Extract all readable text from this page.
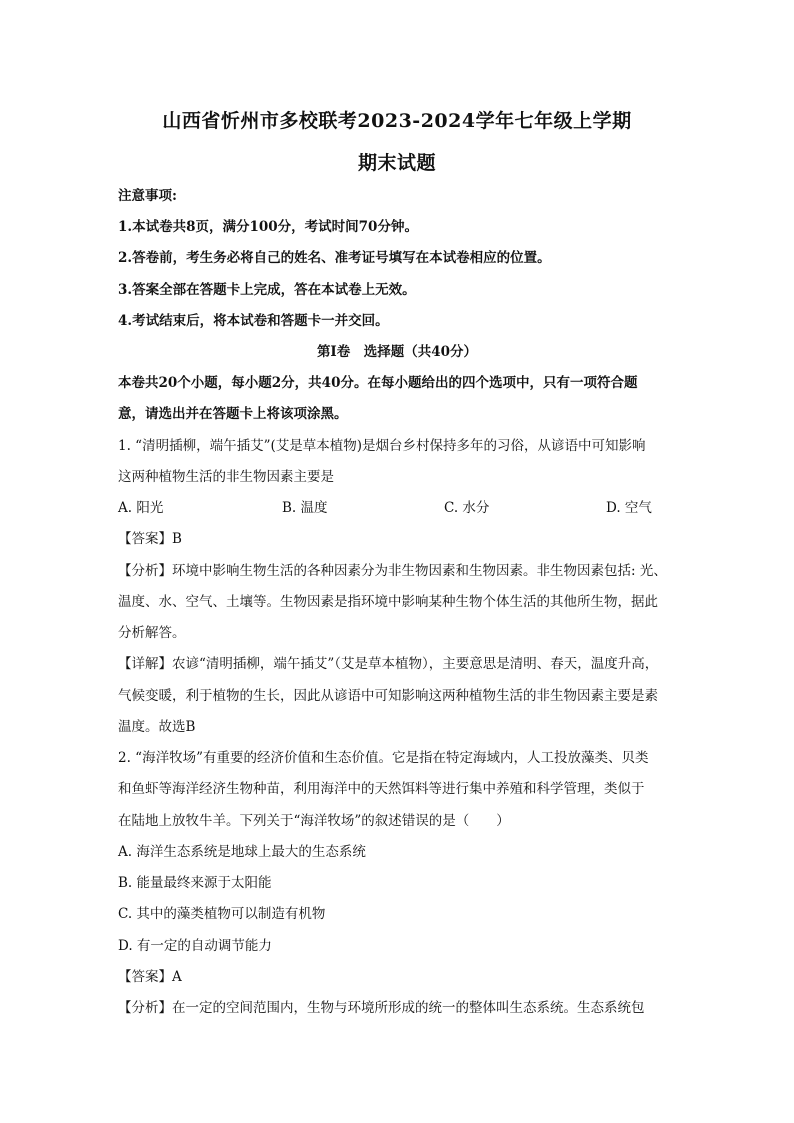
山西省忻州市多校联考2023-2024学年七年级上学期
期末试题
注意事项:
1.本试卷共8页，满分100分，考试时间70分钟。
2.答卷前，考生务必将自己的姓名、准考证号填写在本试卷相应的位置。
3.答案全部在答题卡上完成，答在本试卷上无效。
4.考试结束后，将本试卷和答题卡一并交回。
第Ⅰ卷　选择题（共40分）
本卷共20个小题，每小题2分，共40分。在每小题给出的四个选项中，只有一项符合题
意，请选出并在答题卡上将该项涂黑。
1. “清明插柳，端午插艾”(艾是草本植物)是烟台乡村保持多年的习俗，从谚语中可知影响
这两种植物生活的非生物因素主要是
A. 阳光	B. 温度	C. 水分	D. 空气
【答案】B
【分析】环境中影响生物生活的各种因素分为非生物因素和生物因素。非生物因素包括: 光、
温度、水、空气、土壤等。生物因素是指环境中影响某种生物个体生活的其他所生物，据此
分析解答。
【详解】农谚“清明插柳，端午插艾”（艾是草本植物），主要意思是清明、春天，温度升高，
气候变暖，利于植物的生长，因此从谚语中可知影响这两种植物生活的非生物因素主要是素
温度。故选B
2. “海洋牧场”有重要的经济价值和生态价值。它是指在特定海域内，人工投放藻类、贝类
和鱼虾等海洋经济生物种苗，利用海洋中的天然饵料等进行集中养殖和科学管理，类似于
在陆地上放牧牛羊。下列关于“海洋牧场”的叙述错误的是（　　）
A. 海洋生态系统是地球上最大的生态系统
B. 能量最终来源于太阳能
C. 其中的藻类植物可以制造有机物
D. 有一定的自动调节能力
【答案】A
【分析】在一定的空间范围内，生物与环境所形成的统一的整体叫生态系统。生态系统包
